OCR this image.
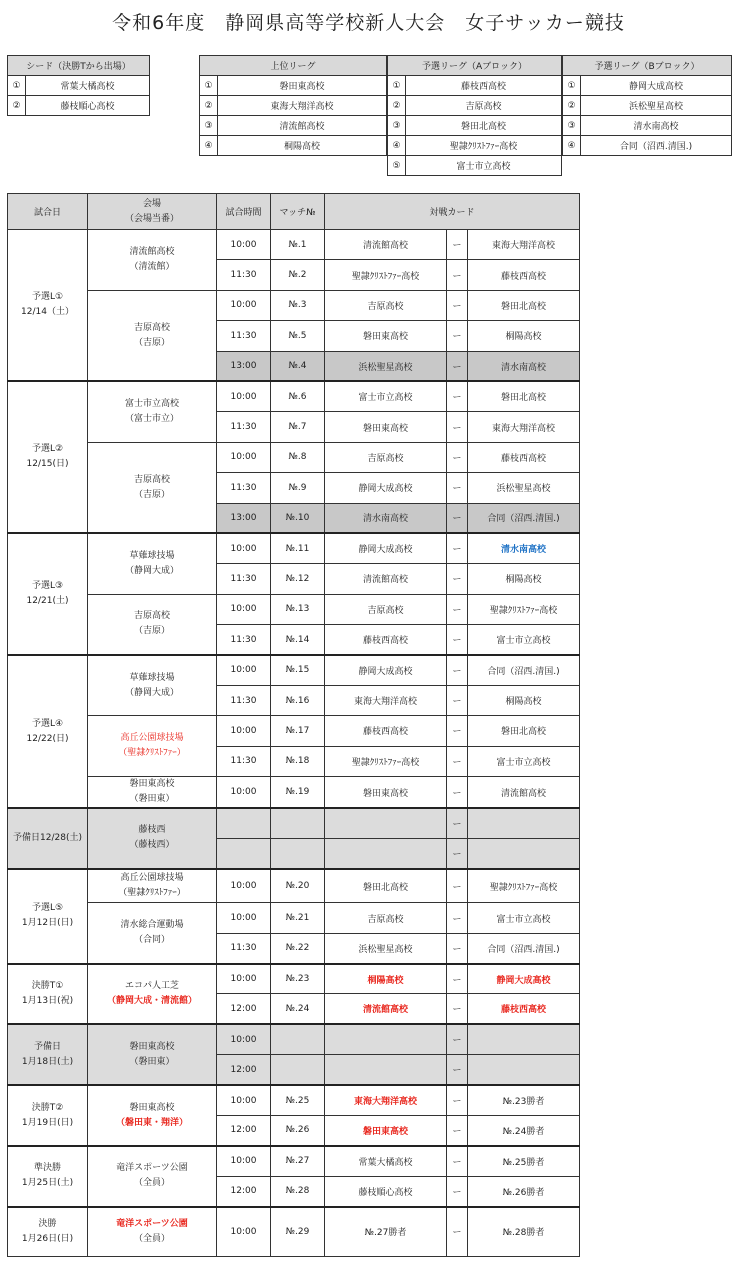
令和6年度　静岡県高等学校新人大会　女子サッカー競技
シード（決勝Tから出場）	
①	常葉大橘高校
②	藤枝順心高校
上位リーグ	
①	磐田東高校
②	東海大翔洋高校
③	清流館高校
④	桐陽高校
予選リーグ（Aブロック）	
①	藤枝西高校
②	吉原高校
③	磐田北高校
④	聖隷ｸﾘｽﾄﾌｧｰ高校
⑤	富士市立高校
予選リーグ（Bブロック）	
①	静岡大成高校
②	浜松聖星高校
③	清水南高校
④	合同（沼西.清国.)
試合日	会場
（会場当番）	試合時間	マッチ№	対戦カード		

予選L①
12/14（土）	清流館高校
（清流館）	10:00	№.1	清流館高校	ー	東海大翔洋高校
		11:30	№.2	聖隷ｸﾘｽﾄﾌｧｰ高校	ー	藤枝西高校

	吉原高校
（吉原）	10:00	№.3	吉原高校	ー	磐田北高校
		11:30	№.5	磐田東高校	ー	桐陽高校
		13:00	№.4	浜松聖星高校	ー	清水南高校

予選L②
12/15(日)	富士市立高校
（富士市立）	10:00	№.6	富士市立高校	ー	磐田北高校
		11:30	№.7	磐田東高校	ー	東海大翔洋高校

	吉原高校
（吉原）	10:00	№.8	吉原高校	ー	藤枝西高校
		11:30	№.9	静岡大成高校	ー	浜松聖星高校
		13:00	№.10	清水南高校	ー	合同（沼西.清国.)

予選L③
12/21(土)	草薙球技場
（静岡大成）	10:00	№.11	静岡大成高校	ー	清水南高校
		11:30	№.12	清流館高校	ー	桐陽高校

	吉原高校
（吉原）	10:00	№.13	吉原高校	ー	聖隷ｸﾘｽﾄﾌｧｰ高校
		11:30	№.14	藤枝西高校	ー	富士市立高校

予選L④
12/22(日)	草薙球技場
（静岡大成）	10:00	№.15	静岡大成高校	ー	合同（沼西.清国.)
		11:30	№.16	東海大翔洋高校	ー	桐陽高校

	高丘公園球技場
（聖隷ｸﾘｽﾄﾌｧｰ）	10:00	№.17	藤枝西高校	ー	磐田北高校
		11:30	№.18	聖隷ｸﾘｽﾄﾌｧｰ高校	ー	富士市立高校

	磐田東高校
（磐田東）	10:00	№.19	磐田東高校	ー	清流館高校

予備日12/28(土)	藤枝西
（藤枝西）				ー	
					ー	

予選L⑤
1月12日(日)	高丘公園球技場
（聖隷ｸﾘｽﾄﾌｧｰ）	10:00	№.20	磐田北高校	ー	聖隷ｸﾘｽﾄﾌｧｰ高校

	清水総合運動場
（合同）	10:00	№.21	吉原高校	ー	富士市立高校
		11:30	№.22	浜松聖星高校	ー	合同（沼西.清国.)

決勝T①
1月13日(祝)	エコパ人工芝
（静岡大成・清流館）	10:00	№.23	桐陽高校	ー	静岡大成高校
		12:00	№.24	清流館高校	ー	藤枝西高校

予備日
1月18日(土)	磐田東高校
（磐田東）	10:00			ー	
		12:00			ー	

決勝T②
1月19日(日)	磐田東高校
（磐田東・翔洋）	10:00	№.25	東海大翔洋高校	ー	№.23勝者
		12:00	№.26	磐田東高校	ー	№.24勝者

準決勝
1月25日(土)	竜洋スポーツ公園
（全員）	10:00	№.27	常葉大橘高校	ー	№.25勝者
		12:00	№.28	藤枝順心高校	ー	№.26勝者

決勝
1月26日(日)	竜洋スポーツ公園
（全員）	10:00	№.29	№.27勝者	ー	№.28勝者
